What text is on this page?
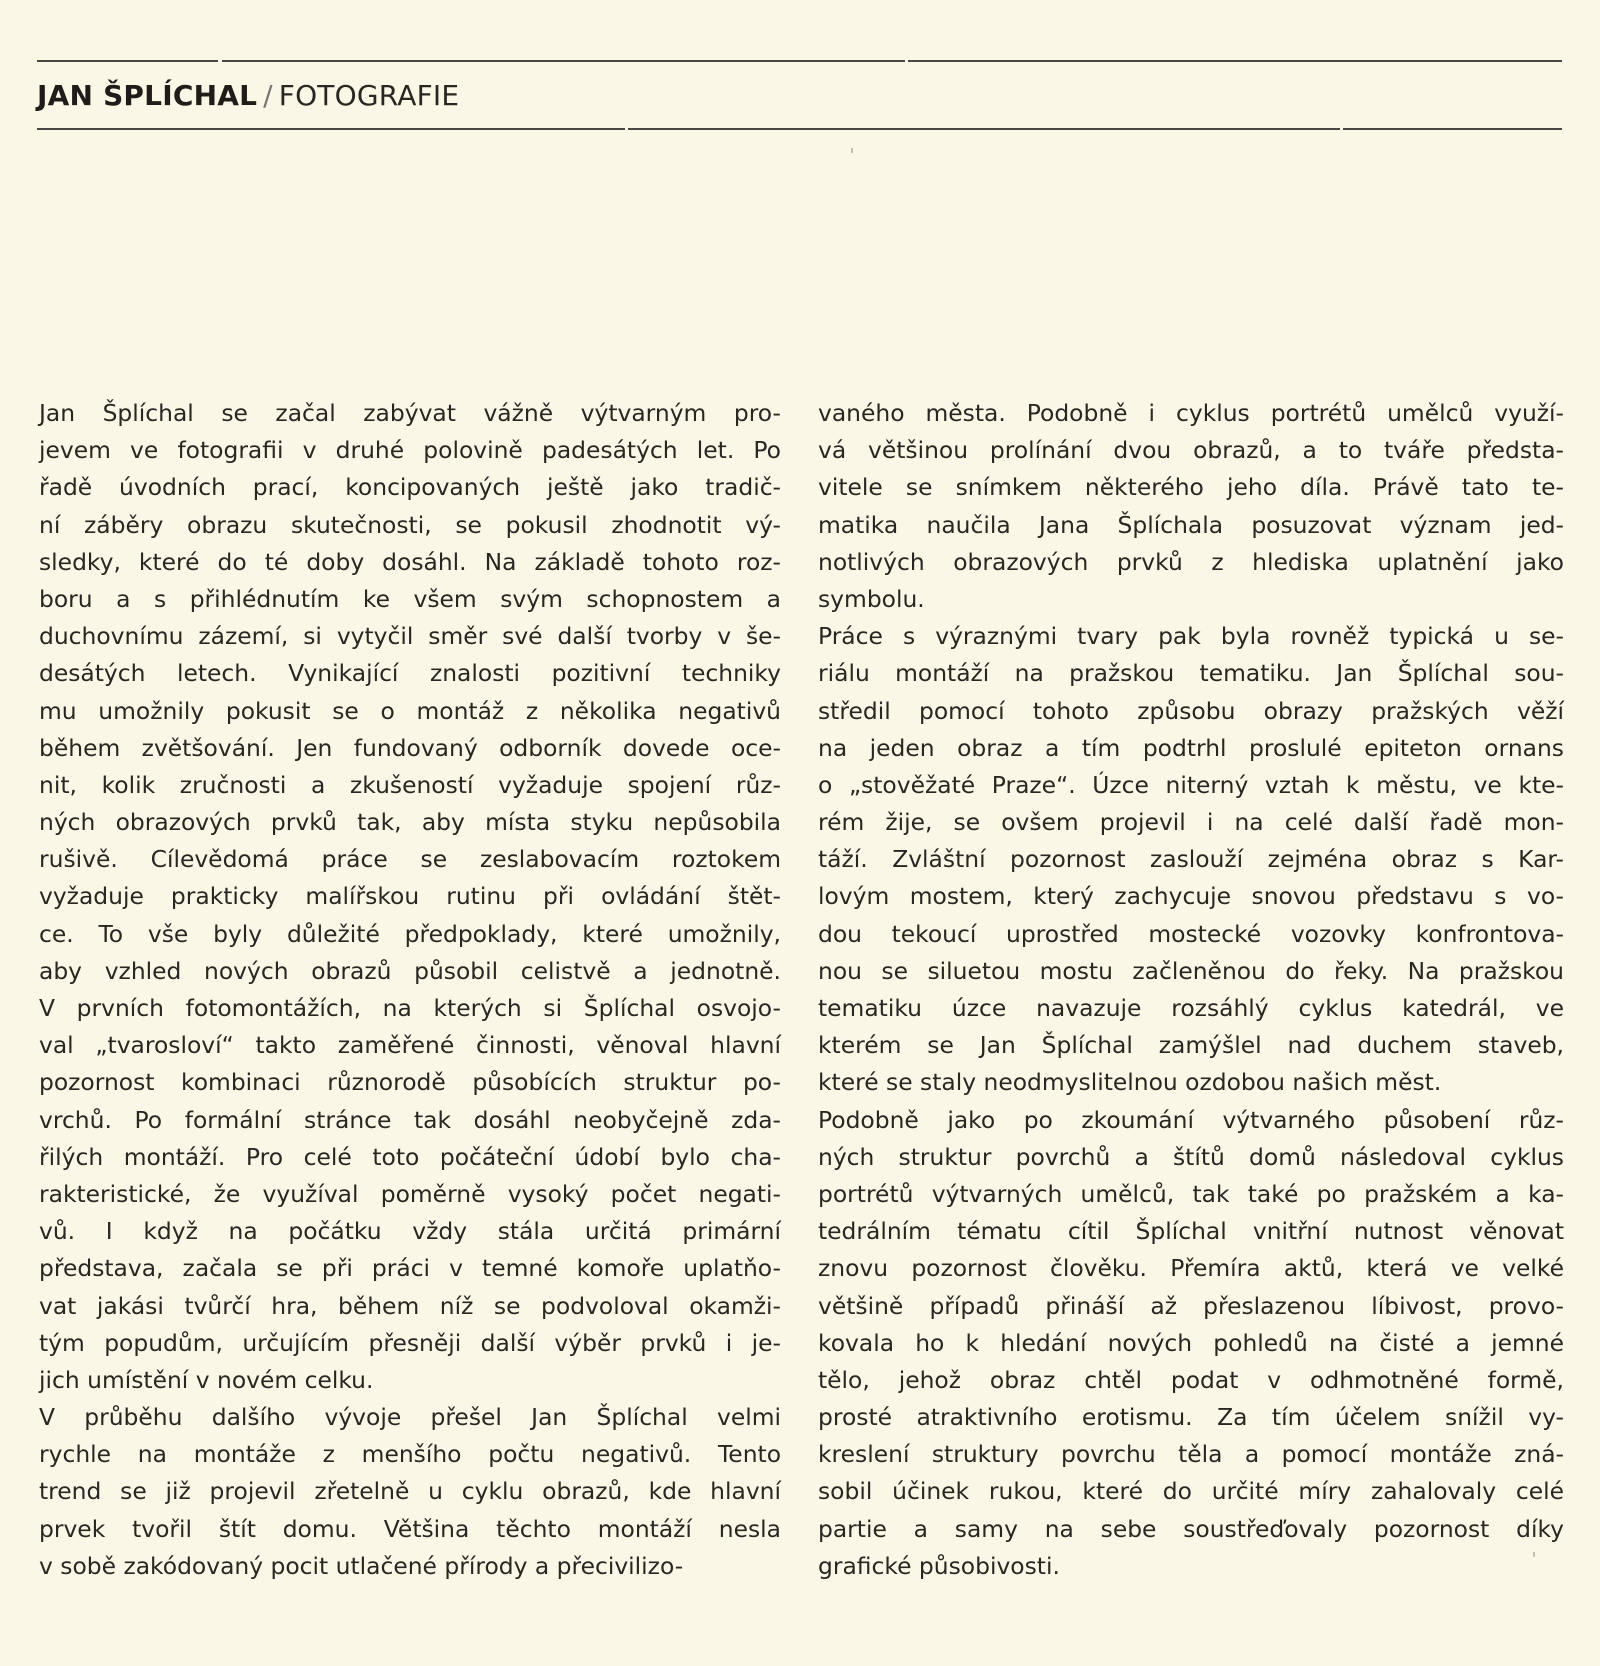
JAN ŠPLÍCHAL / FOTOGRAFIE

Jan Šplíchal se začal zabývat vážně výtvarným pro-
jevem ve fotografii v druhé polovině padesátých let. Po
řadě úvodních prací, koncipovaných ještě jako tradič-
ní záběry obrazu skutečnosti, se pokusil zhodnotit vý-
sledky, které do té doby dosáhl. Na základě tohoto roz-
boru a s přihlédnutím ke všem svým schopnostem a
duchovnímu zázemí, si vytyčil směr své další tvorby v še-
desátých letech. Vynikající znalosti pozitivní techniky
mu umožnily pokusit se o montáž z několika negativů
během zvětšování. Jen fundovaný odborník dovede oce-
nit, kolik zručnosti a zkušeností vyžaduje spojení růz-
ných obrazových prvků tak, aby místa styku nepůsobila
rušivě. Cílevědomá práce se zeslabovacím roztokem
vyžaduje prakticky malířskou rutinu při ovládání štět-
ce. To vše byly důležité předpoklady, které umožnily,
aby vzhled nových obrazů působil celistvě a jednotně.
V prvních fotomontážích, na kterých si Šplíchal osvojo-
val „tvarosloví“ takto zaměřené činnosti, věnoval hlavní
pozornost kombinaci různorodě působících struktur po-
vrchů. Po formální stránce tak dosáhl neobyčejně zda-
řilých montáží. Pro celé toto počáteční údobí bylo cha-
rakteristické, že využíval poměrně vysoký počet negati-
vů. I když na počátku vždy stála určitá primární
představa, začala se při práci v temné komoře uplatňo-
vat jakási tvůrčí hra, během níž se podvoloval okamži-
tým popudům, určujícím přesněji další výběr prvků i je-
jich umístění v novém celku.

V průběhu dalšího vývoje přešel Jan Šplíchal velmi
rychle na montáže z menšího počtu negativů. Tento
trend se již projevil zřetelně u cyklu obrazů, kde hlavní
prvek tvořil štít domu. Většina těchto montáží nesla
v sobě zakódovaný pocit utlačené přírody a přecivilizo-

vaného města. Podobně i cyklus portrétů umělců využí-
vá většinou prolínání dvou obrazů, a to tváře předsta-
vitele se snímkem některého jeho díla. Právě tato te-
matika naučila Jana Šplíchala posuzovat význam jed-
notlivých obrazových prvků z hlediska uplatnění jako
symbolu.

Práce s výraznými tvary pak byla rovněž typická u se-
riálu montáží na pražskou tematiku. Jan Šplíchal sou-
středil pomocí tohoto způsobu obrazy pražských věží
na jeden obraz a tím podtrhl proslulé epiteton ornans
o „stověžaté Praze“. Úzce niterný vztah k městu, ve kte-
rém žije, se ovšem projevil i na celé další řadě mon-
táží. Zvláštní pozornost zaslouží zejména obraz s Kar-
lovým mostem, který zachycuje snovou představu s vo-
dou tekoucí uprostřed mostecké vozovky konfrontova-
nou se siluetou mostu začleněnou do řeky. Na pražskou
tematiku úzce navazuje rozsáhlý cyklus katedrál, ve
kterém se Jan Šplíchal zamýšlel nad duchem staveb,
které se staly neodmyslitelnou ozdobou našich měst.

Podobně jako po zkoumání výtvarného působení růz-
ných struktur povrchů a štítů domů následoval cyklus
portrétů výtvarných umělců, tak také po pražském a ka-
tedrálním tématu cítil Šplíchal vnitřní nutnost věnovat
znovu pozornost člověku. Přemíra aktů, která ve velké
většině případů přináší až přeslazenou líbivost, provo-
kovala ho k hledání nových pohledů na čisté a jemné
tělo, jehož obraz chtěl podat v odhmotněné formě,
prosté atraktivního erotismu. Za tím účelem snížil vy-
kreslení struktury povrchu těla a pomocí montáže zná-
sobil účinek rukou, které do určité míry zahalovaly celé
partie a samy na sebe soustřeďovaly pozornost díky
grafické působivosti.
